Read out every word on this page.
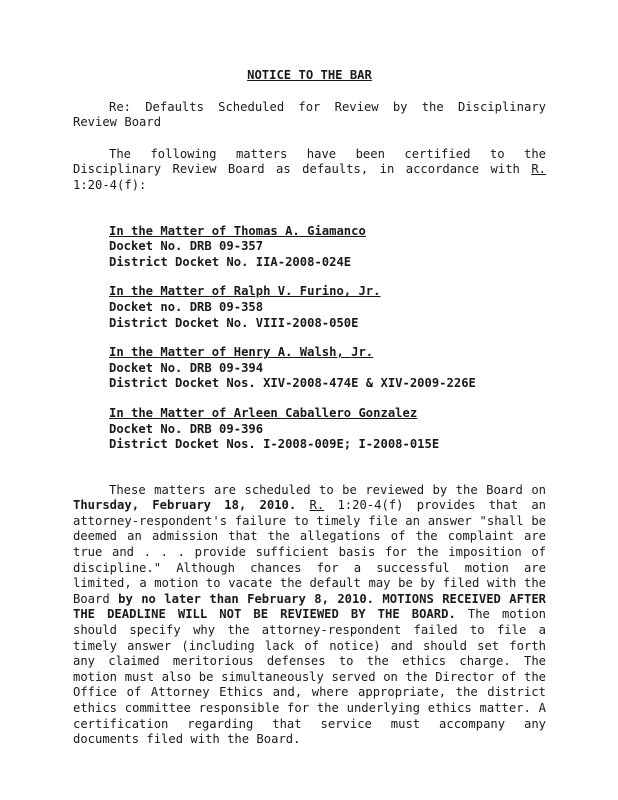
NOTICE TO THE BAR

Re: Defaults Scheduled for Review by the Disciplinary Review Board

The following matters have been certified to the Disciplinary Review Board as defaults, in accordance with R. 1:20-4(f):

In the Matter of Thomas A. Giamanco
Docket No. DRB 09-357
District Docket No. IIA-2008-024E
In the Matter of Ralph V. Furino, Jr.
Docket no. DRB 09-358
District Docket No. VIII-2008-050E
In the Matter of Henry A. Walsh, Jr.
Docket No. DRB 09-394
District Docket Nos. XIV-2008-474E & XIV-2009-226E
In the Matter of Arleen Caballero Gonzalez
Docket No. DRB 09-396
District Docket Nos. I-2008-009E; I-2008-015E

These matters are scheduled to be reviewed by the Board on Thursday, February 18, 2010. R. 1:20-4(f) provides that an attorney-respondent's failure to timely file an answer "shall be deemed an admission that the allegations of the complaint are true and . . . provide sufficient basis for the imposition of discipline." Although chances for a successful motion are limited, a motion to vacate the default may be by filed with the Board by no later than February 8, 2010. MOTIONS RECEIVED AFTER THE DEADLINE WILL NOT BE REVIEWED BY THE BOARD. The motion should specify why the attorney-respondent failed to file a timely answer (including lack of notice) and should set forth any claimed meritorious defenses to the ethics charge. The motion must also be simultaneously served on the Director of the Office of Attorney Ethics and, where appropriate, the district ethics committee responsible for the underlying ethics matter. A certification regarding that service must accompany any documents filed with the Board.
